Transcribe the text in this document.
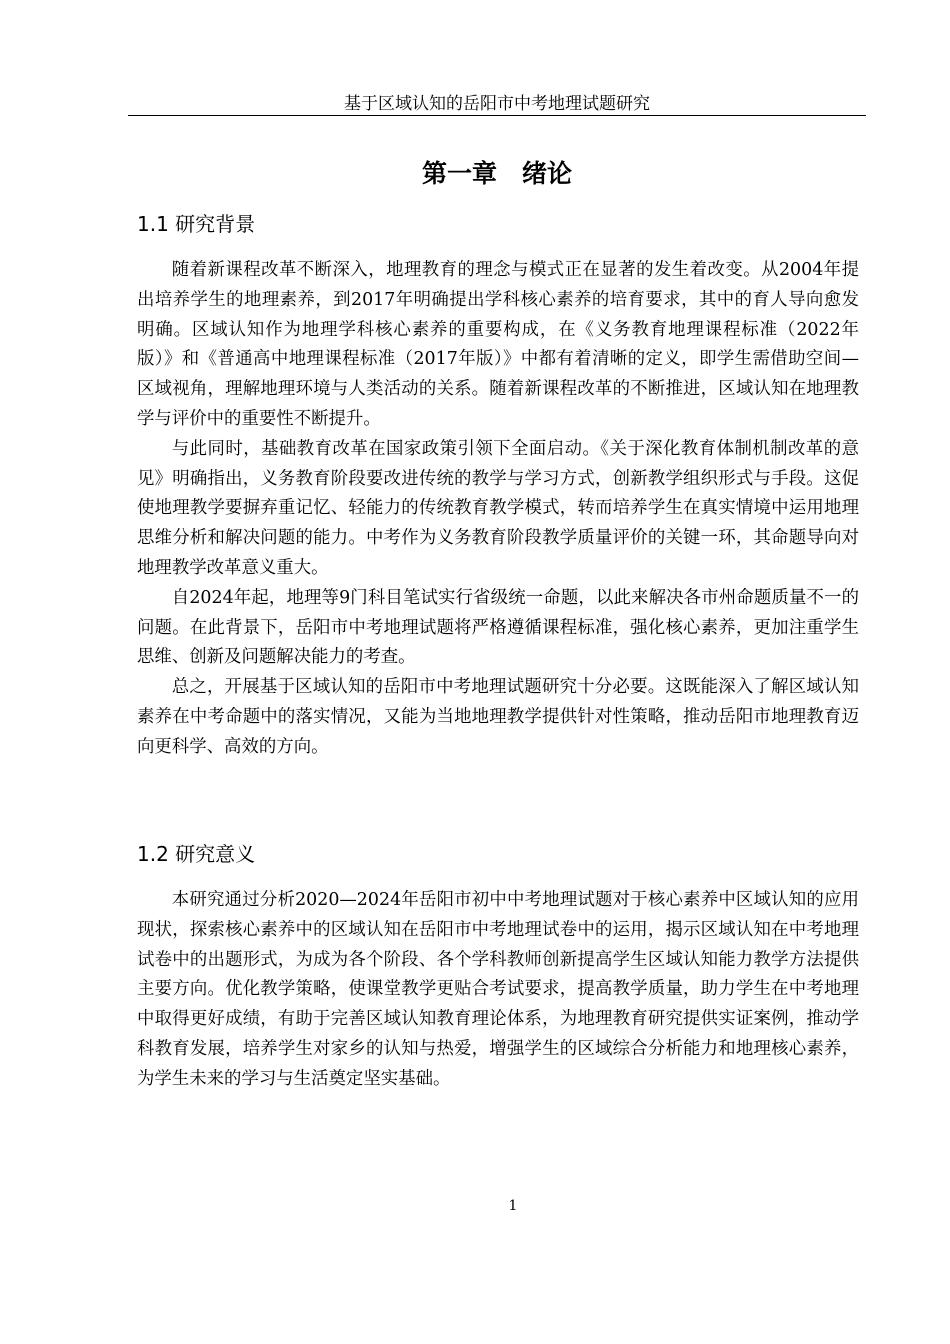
基于区域认知的岳阳市中考地理试题研究
第一章　绪论
1.1 研究背景

随着新课程改革不断深入，地理教育的理念与模式正在显著的发生着改变。从2004年提出培养学生的地理素养，到2017年明确提出学科核心素养的培育要求，其中的育人导向愈发明确。区域认知作为地理学科核心素养的重要构成，在《义务教育地理课程标准（2022年版）》和《普通高中地理课程标准（2017年版）》中都有着清晰的定义，即学生需借助空间—区域视角，理解地理环境与人类活动的关系。随着新课程改革的不断推进，区域认知在地理教学与评价中的重要性不断提升。

与此同时，基础教育改革在国家政策引领下全面启动。《关于深化教育体制机制改革的意见》明确指出，义务教育阶段要改进传统的教学与学习方式，创新教学组织形式与手段。这促使地理教学要摒弃重记忆、轻能力的传统教育教学模式，转而培养学生在真实情境中运用地理思维分析和解决问题的能力。中考作为义务教育阶段教学质量评价的关键一环，其命题导向对地理教学改革意义重大。

自2024年起，地理等9门科目笔试实行省级统一命题，以此来解决各市州命题质量不一的问题。在此背景下，岳阳市中考地理试题将严格遵循课程标准，强化核心素养，更加注重学生思维、创新及问题解决能力的考查。

总之，开展基于区域认知的岳阳市中考地理试题研究十分必要。这既能深入了解区域认知素养在中考命题中的落实情况，又能为当地地理教学提供针对性策略，推动岳阳市地理教育迈向更科学、高效的方向。

1.2 研究意义

本研究通过分析2020—2024年岳阳市初中中考地理试题对于核心素养中区域认知的应用现状，探索核心素养中的区域认知在岳阳市中考地理试卷中的运用，揭示区域认知在中考地理试卷中的出题形式，为成为各个阶段、各个学科教师创新提高学生区域认知能力教学方法提供主要方向。优化教学策略，使课堂教学更贴合考试要求，提高教学质量，助力学生在中考地理中取得更好成绩，有助于完善区域认知教育理论体系，为地理教育研究提供实证案例，推动学科教育发展，培养学生对家乡的认知与热爱，增强学生的区域综合分析能力和地理核心素养，为学生未来的学习与生活奠定坚实基础。

1
